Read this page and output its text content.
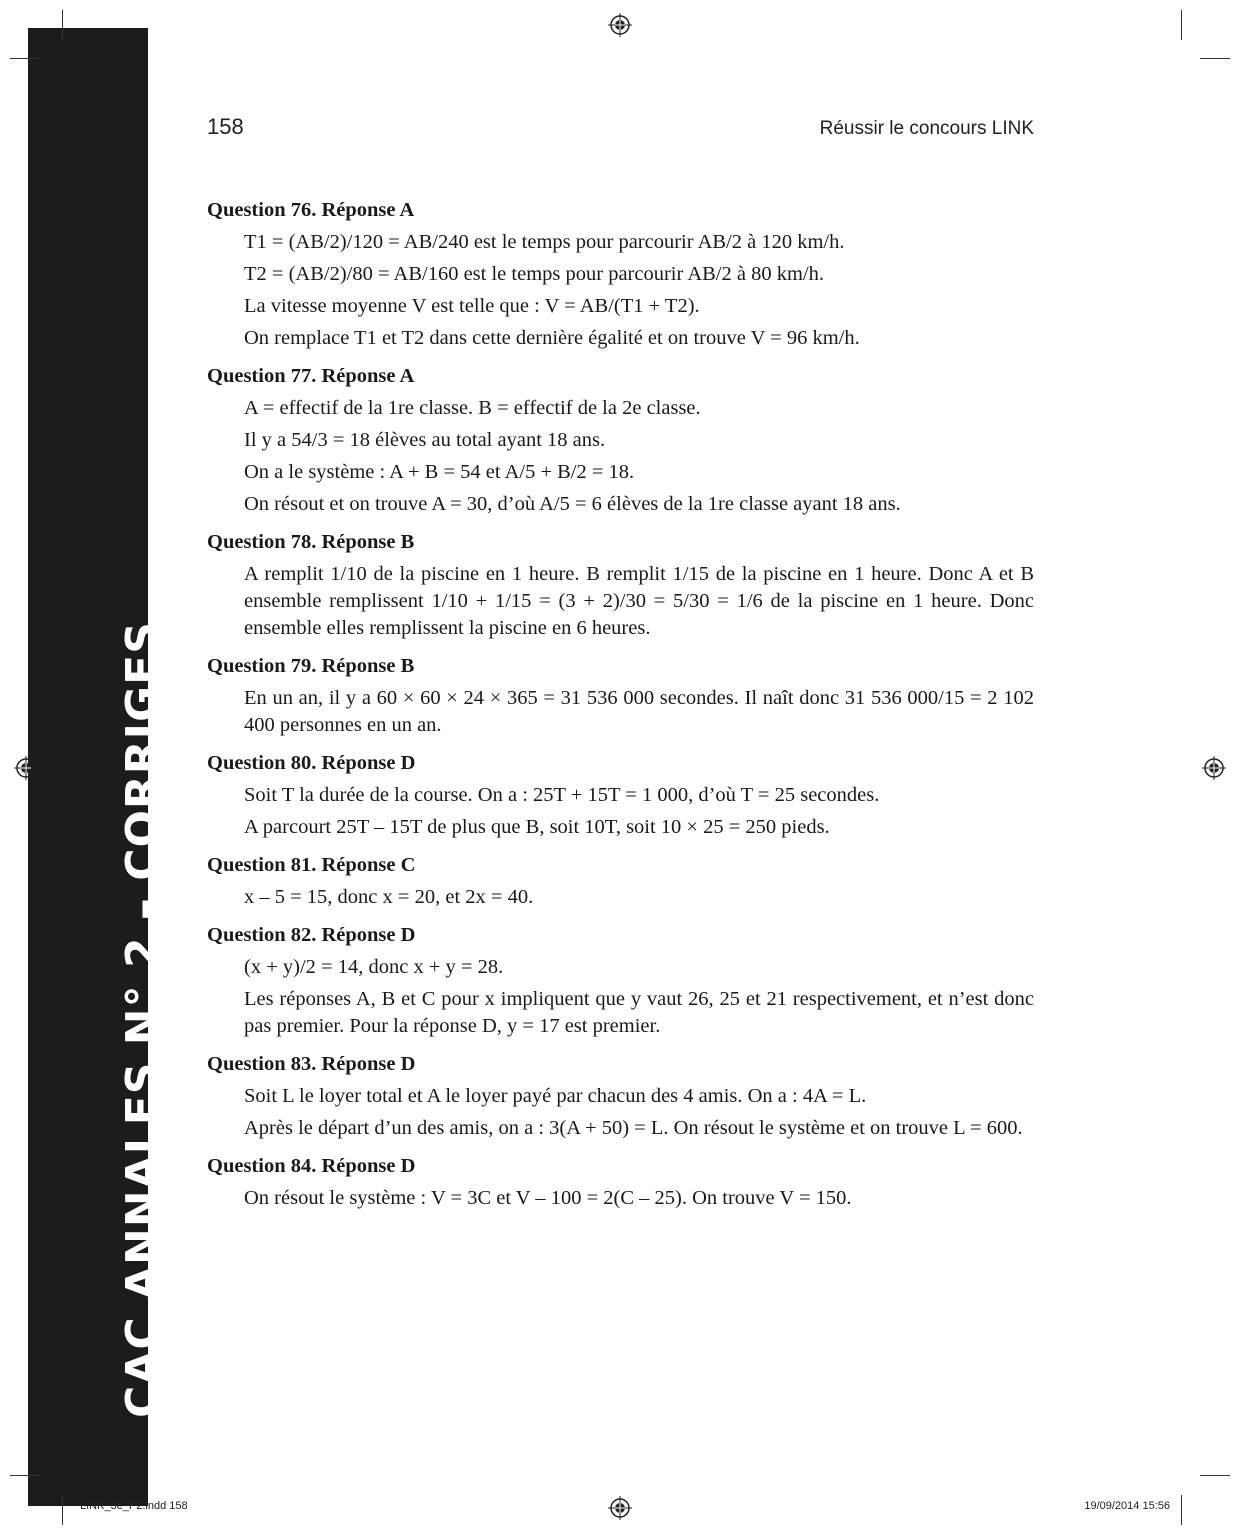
CAC ANNALES N° 2 – CORRIGES
158	Réussir le concours LINK

Question 76. Réponse A

T1 = (AB/2)/120 = AB/240 est le temps pour parcourir AB/2 à 120 km/h.

T2 = (AB/2)/80 = AB/160 est le temps pour parcourir AB/2 à 80 km/h.

La vitesse moyenne V est telle que : V = AB/(T1 + T2).

On remplace T1 et T2 dans cette dernière égalité et on trouve V = 96 km/h.

Question 77. Réponse A

A = effectif de la 1re classe. B = effectif de la 2e classe.

Il y a 54/3 = 18 élèves au total ayant 18 ans.

On a le système : A + B = 54 et A/5 + B/2 = 18.

On résout et on trouve A = 30, d’où A/5 = 6 élèves de la 1re classe ayant 18 ans.

Question 78. Réponse B

A remplit 1/10 de la piscine en 1 heure. B remplit 1/15 de la piscine en 1 heure. Donc A et B ensemble remplissent 1/10 + 1/15 = (3 + 2)/30 = 5/30 = 1/6 de la piscine en 1 heure. Donc ensemble elles remplissent la piscine en 6 heures.

Question 79. Réponse B

En un an, il y a 60 × 60 × 24 × 365 = 31 536 000 secondes. Il naît donc 31 536 000/15 = 2 102 400 personnes en un an.

Question 80. Réponse D

Soit T la durée de la course. On a : 25T + 15T = 1 000, d’où T = 25 secondes.

A parcourt 25T – 15T de plus que B, soit 10T, soit 10 × 25 = 250 pieds.

Question 81. Réponse C

x – 5 = 15, donc x = 20, et 2x = 40.

Question 82. Réponse D

(x + y)/2 = 14, donc x + y = 28.

Les réponses A, B et C pour x impliquent que y vaut 26, 25 et 21 respectivement, et n’est donc pas premier. Pour la réponse D, y = 17 est premier.

Question 83. Réponse D

Soit L le loyer total et A le loyer payé par chacun des 4 amis. On a : 4A = L.

Après le départ d’un des amis, on a : 3(A + 50) = L. On résout le système et on trouve L = 600.

Question 84. Réponse D

On résout le système : V = 3C et V – 100 = 2(C – 25). On trouve V = 150.

LINK_3e_P2.indd 158	19/09/2014 15:56
